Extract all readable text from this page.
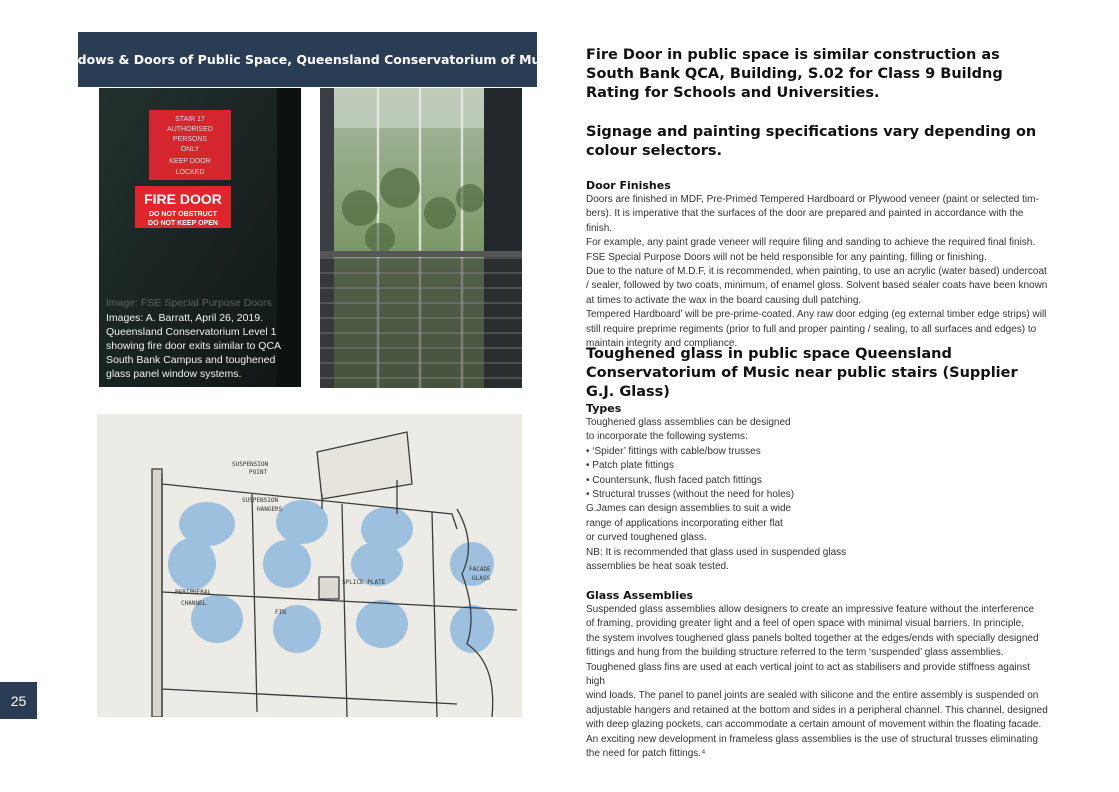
Windows & Doors of Public Space, Queensland Conservatorium of Music.
STAIR 17
AUTHORISED
PERSONS
ONLY
KEEP DOOR
LOCKED
FIRE DOOR
DO NOT OBSTRUCT
DO NOT KEEP OPEN
Image: FSE Special Purpose Doors
Images: A. Barratt, April 26, 2019. Queensland Conservatorium Level 1 showing fire door exits similar to QCA South Bank Campus and toughened glass panel window systems.
SUSPENSION
POINT
SUSPENSION
HANGERS
FACADE
GLASS
SPLICE PLATE
PERIPHERAL
CHANNEL
FIN
25

Fire Door in public space is similar construction as South Bank QCA, Building, S.02 for Class 9 Buildng Rating for Schools and Universities.

Signage and painting specifications vary depending on colour selectors.

Door Finishes

Doors are finished in MDF, Pre-Primed Tempered Hardboard or Plywood veneer (paint or selected tim-

bers). It is imperative that the surfaces of the door are prepared and painted in accordance with the finish.

For example, any paint grade veneer will require filing and sanding to achieve the required final finish.

FSE Special Purpose Doors will not be held responsible for any painting, filling or finishing.

Due to the nature of M.D.F, it is recommended, when painting, to use an acrylic (water based) undercoat

/ sealer, followed by two coats, minimum, of enamel gloss. Solvent based sealer coats have been known

at times to activate the wax in the board causing dull patching.

Tempered Hardboard’ will be pre-prime-coated. Any raw door edging (eg external timber edge strips) will

still require preprime regiments (prior to full and proper painting / sealing, to all surfaces and edges) to

maintain integrity and compliance.

Toughened glass in public space Queensland Conservatorium of Music near public stairs (Supplier G.J. Glass)

Types

Toughened glass assemblies can be designed

to incorporate the following systems:

• ‘Spider’ fittings with cable/bow trusses

• Patch plate fittings

• Countersunk, flush faced patch fittings

• Structural trusses (without the need for holes)

G.James can design assemblies to suit a wide

range of applications incorporating either flat

or curved toughened glass.

NB: It is recommended that glass used in suspended glass

assemblies be heat soak tested.

Glass Assemblies

Suspended glass assemblies allow designers to create an impressive feature without the interference

of framing, providing greater light and a feel of open space with minimal visual barriers. In principle,

the system involves toughened glass panels bolted together at the edges/ends with specially designed

fittings and hung from the building structure referred to the term ‘suspended’ glass assemblies.

Toughened glass fins are used at each vertical joint to act as stabilisers and provide stiffness against high

wind loads. The panel to panel joints are sealed with silicone and the entire assembly is suspended on

adjustable hangers and retained at the bottom and sides in a peripheral channel. This channel, designed

with deep glazing pockets, can accommodate a certain amount of movement within the floating facade.

An exciting new development in frameless glass assemblies is the use of structural trusses eliminating

the need for patch fittings.⁴
